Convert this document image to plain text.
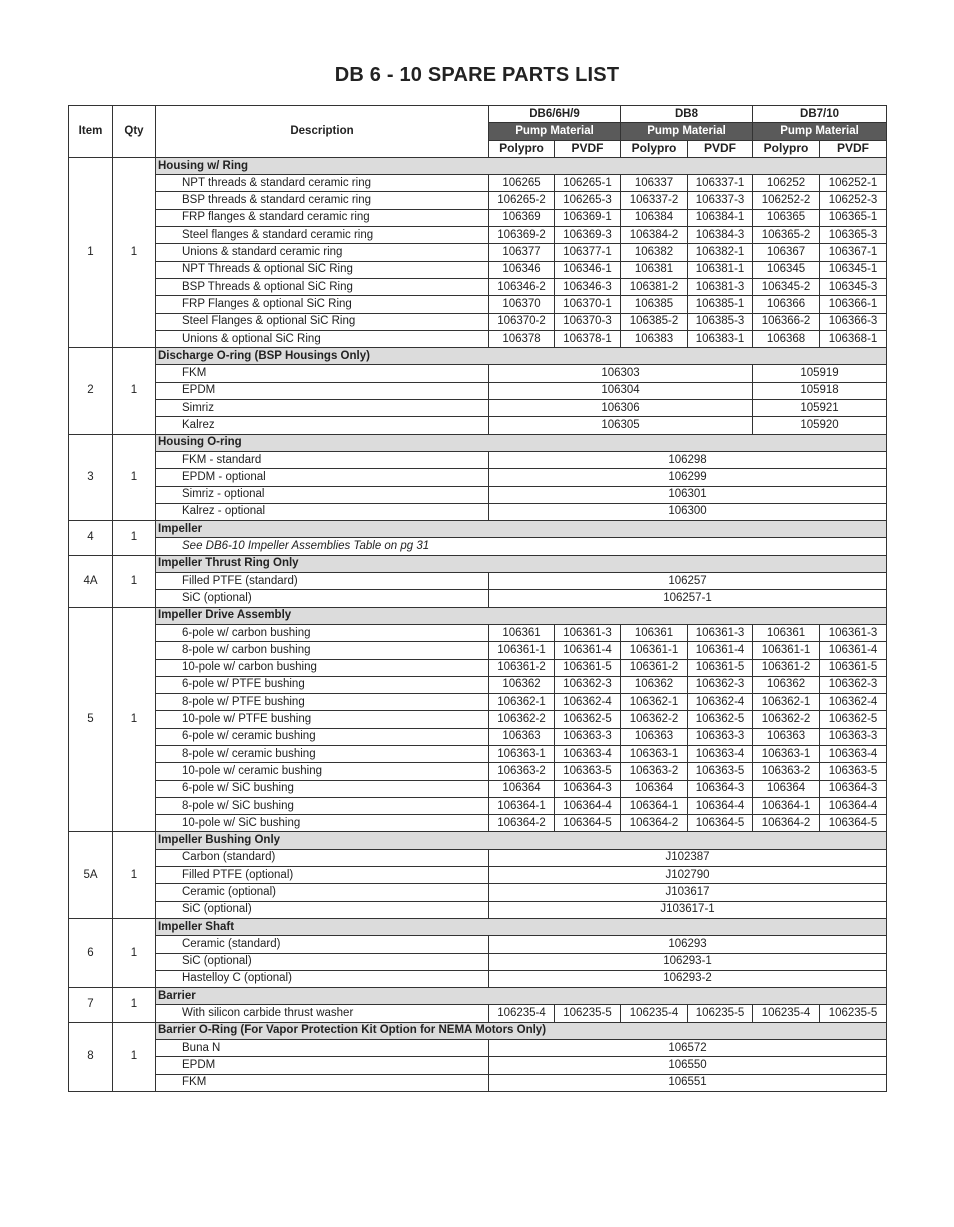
DB 6 - 10 SPARE PARTS LIST
Item	Qty	Description	DB6/6H/9		DB8		DB7/10	
			Pump Material		Pump Material		Pump Material	
			Polypro	PVDF	Polypro	PVDF	Polypro	PVDF
1	1	Housing w/ Ring						
		NPT threads & standard ceramic ring	106265	106265-1	106337	106337-1	106252	106252-1
		BSP threads & standard ceramic ring	106265-2	106265-3	106337-2	106337-3	106252-2	106252-3
		FRP flanges & standard ceramic ring	106369	106369-1	106384	106384-1	106365	106365-1
		Steel flanges & standard ceramic ring	106369-2	106369-3	106384-2	106384-3	106365-2	106365-3
		Unions & standard ceramic ring	106377	106377-1	106382	106382-1	106367	106367-1
		NPT Threads & optional SiC Ring	106346	106346-1	106381	106381-1	106345	106345-1
		BSP Threads & optional SiC Ring	106346-2	106346-3	106381-2	106381-3	106345-2	106345-3
		FRP Flanges & optional SiC Ring	106370	106370-1	106385	106385-1	106366	106366-1
		Steel Flanges & optional SiC Ring	106370-2	106370-3	106385-2	106385-3	106366-2	106366-3
		Unions & optional SiC Ring	106378	106378-1	106383	106383-1	106368	106368-1
2	1	Discharge O-ring (BSP Housings Only)						
		FKM	106303				105919	
		EPDM	106304				105918	
		Simriz	106306				105921	
		Kalrez	106305				105920	
3	1	Housing O-ring						
		FKM - standard	106298					
		EPDM - optional	106299					
		Simriz - optional	106301					
		Kalrez - optional	106300					
4	1	Impeller						
		See DB6-10 Impeller Assemblies Table on pg 31						
4A	1	Impeller Thrust Ring Only						
		Filled PTFE (standard)	106257					
		SiC (optional)	106257-1					
5	1	Impeller Drive Assembly						
		6-pole w/ carbon bushing	106361	106361-3	106361	106361-3	106361	106361-3
		8-pole w/ carbon bushing	106361-1	106361-4	106361-1	106361-4	106361-1	106361-4
		10-pole w/ carbon bushing	106361-2	106361-5	106361-2	106361-5	106361-2	106361-5
		6-pole w/ PTFE bushing	106362	106362-3	106362	106362-3	106362	106362-3
		8-pole w/ PTFE bushing	106362-1	106362-4	106362-1	106362-4	106362-1	106362-4
		10-pole w/ PTFE bushing	106362-2	106362-5	106362-2	106362-5	106362-2	106362-5
		6-pole w/ ceramic bushing	106363	106363-3	106363	106363-3	106363	106363-3
		8-pole w/ ceramic bushing	106363-1	106363-4	106363-1	106363-4	106363-1	106363-4
		10-pole w/ ceramic bushing	106363-2	106363-5	106363-2	106363-5	106363-2	106363-5
		6-pole w/ SiC bushing	106364	106364-3	106364	106364-3	106364	106364-3
		8-pole w/ SiC bushing	106364-1	106364-4	106364-1	106364-4	106364-1	106364-4
		10-pole w/ SiC bushing	106364-2	106364-5	106364-2	106364-5	106364-2	106364-5
5A	1	Impeller Bushing Only						
		Carbon (standard)	J102387					
		Filled PTFE (optional)	J102790					
		Ceramic (optional)	J103617					
		SiC (optional)	J103617-1					
6	1	Impeller Shaft						
		Ceramic (standard)	106293					
		SiC (optional)	106293-1					
		Hastelloy C (optional)	106293-2					
7	1	Barrier						
		With silicon carbide thrust washer	106235-4	106235-5	106235-4	106235-5	106235-4	106235-5
8	1	Barrier O-Ring (For Vapor Protection Kit Option for NEMA Motors Only)						
		Buna N	106572					
		EPDM	106550					
		FKM	106551					
